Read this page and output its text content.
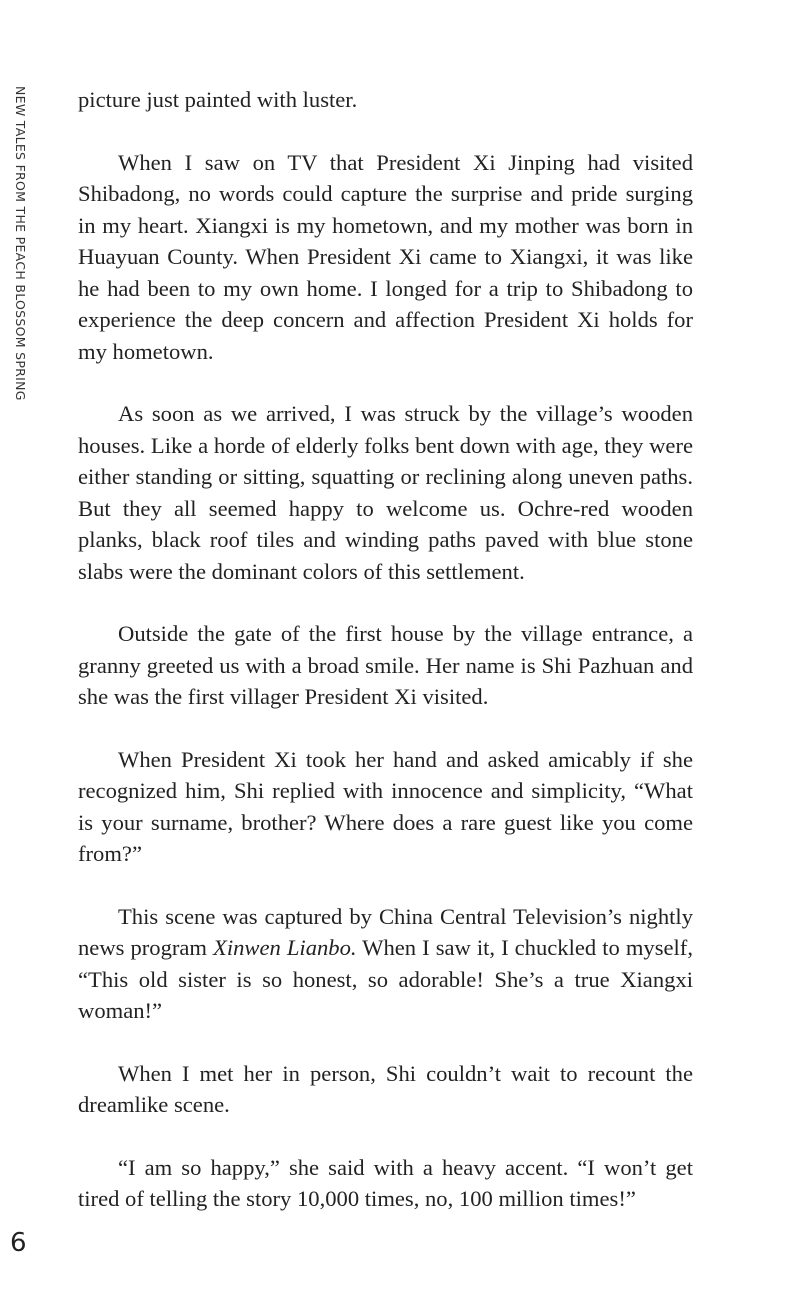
NEW TALES FROM THE PEACH BLOSSOM SPRING picture just painted with luster.

When I saw on TV that President Xi Jinping had visited Shibadong, no words could capture the surprise and pride surging in my heart. Xiangxi is my hometown, and my mother was born in Huayuan County. When President Xi came to Xiangxi, it was like he had been to my own home. I longed for a trip to Shibadong to experience the deep concern and affection President Xi holds for my hometown.

As soon as we arrived, I was struck by the village’s wooden houses. Like a horde of elderly folks bent down with age, they were either standing or sitting, squatting or reclining along uneven paths. But they all seemed happy to welcome us. Ochre-red wooden planks, black roof tiles and winding paths paved with blue stone slabs were the dominant colors of this settlement.

Outside the gate of the first house by the village entrance, a granny greeted us with a broad smile. Her name is Shi Pazhuan and she was the first villager President Xi visited.

When President Xi took her hand and asked amicably if she recognized him, Shi replied with innocence and simplicity, “What is your surname, brother? Where does a rare guest like you come from?”

This scene was captured by China Central Television’s nightly news program Xinwen Lianbo. When I saw it, I chuckled to myself, “This old sister is so honest, so adorable! She’s a true Xiangxi woman!”

When I met her in person, Shi couldn’t wait to recount the dreamlike scene.

“I am so happy,” she said with a heavy accent. “I won’t get tired of telling the story 10,000 times, no, 100 million times!”

6
